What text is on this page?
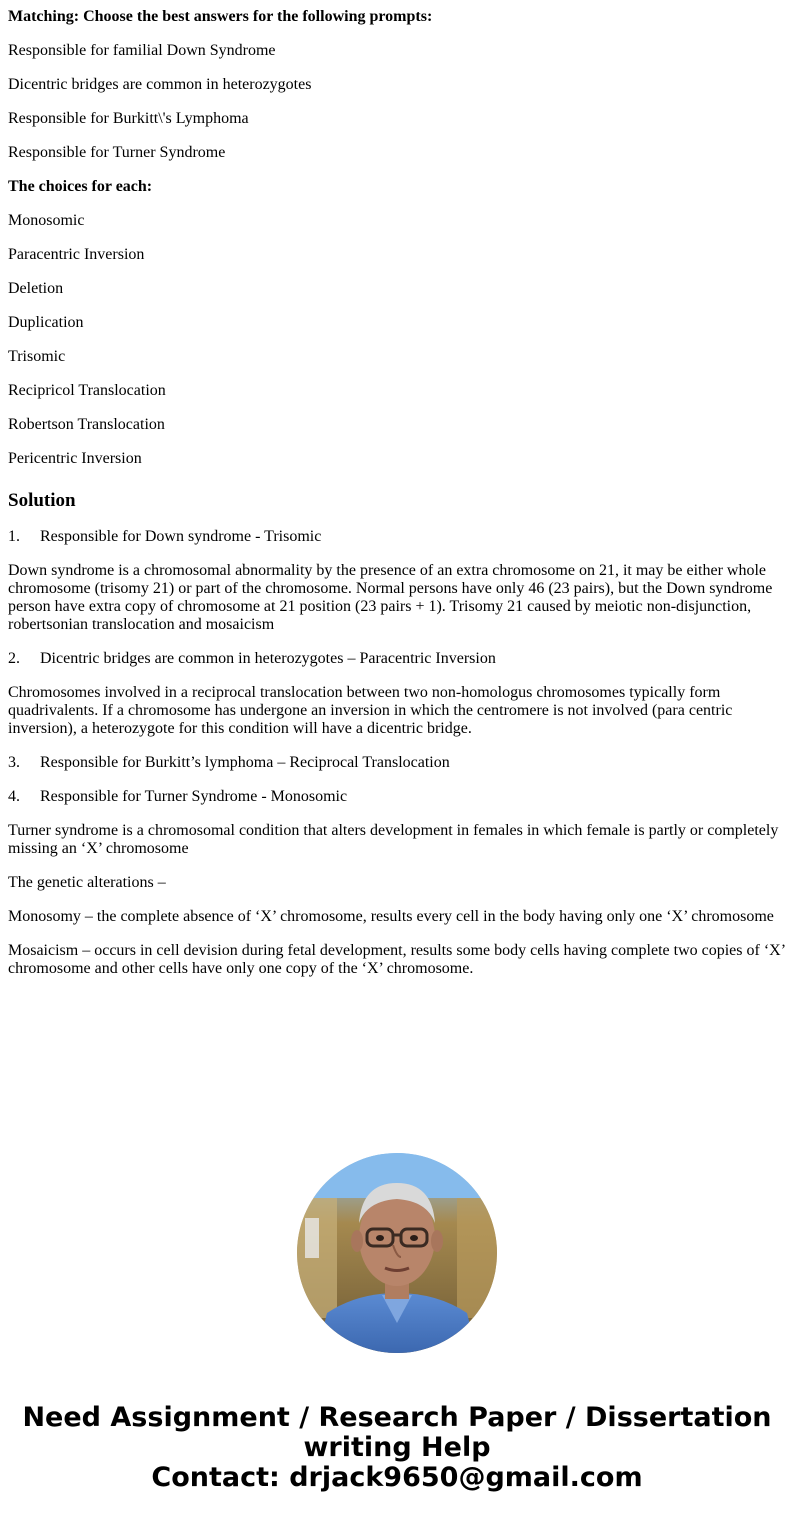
Matching: Choose the best answers for the following prompts:

Responsible for familial Down Syndrome

Dicentric bridges are common in heterozygotes

Responsible for Burkitt\'s Lymphoma

Responsible for Turner Syndrome

The choices for each:

Monosomic

Paracentric Inversion

Deletion

Duplication

Trisomic

Recipricol Translocation

Robertson Translocation

Pericentric Inversion

Solution

1. Responsible for Down syndrome - Trisomic

Down syndrome is a chromosomal abnormality by the presence of an extra chromosome on 21, it may be either whole chromosome (trisomy 21) or part of the chromosome. Normal persons have only 46 (23 pairs), but the Down syndrome person have extra copy of chromosome at 21 position (23 pairs + 1). Trisomy 21 caused by meiotic non-disjunction, robertsonian translocation and mosaicism

2. Dicentric bridges are common in heterozygotes – Paracentric Inversion

Chromosomes involved in a reciprocal translocation between two non-homologus chromosomes typically form quadrivalents. If a chromosome has undergone an inversion in which the centromere is not involved (para centric inversion), a heterozygote for this condition will have a dicentric bridge.

3. Responsible for Burkitt’s lymphoma – Reciprocal Translocation

4. Responsible for Turner Syndrome - Monosomic

Turner syndrome is a chromosomal condition that alters development in females in which female is partly or completely missing an ‘X’ chromosome

The genetic alterations –

Monosomy – the complete absence of ‘X’ chromosome, results every cell in the body having only one ‘X’ chromosome

Mosaicism – occurs in cell devision during fetal development, results some body cells having complete two copies of ‘X’ chromosome and other cells have only one copy of the ‘X’ chromosome.

Need Assignment / Research Paper / Dissertation
writing Help
Contact: drjack9650@gmail.com
